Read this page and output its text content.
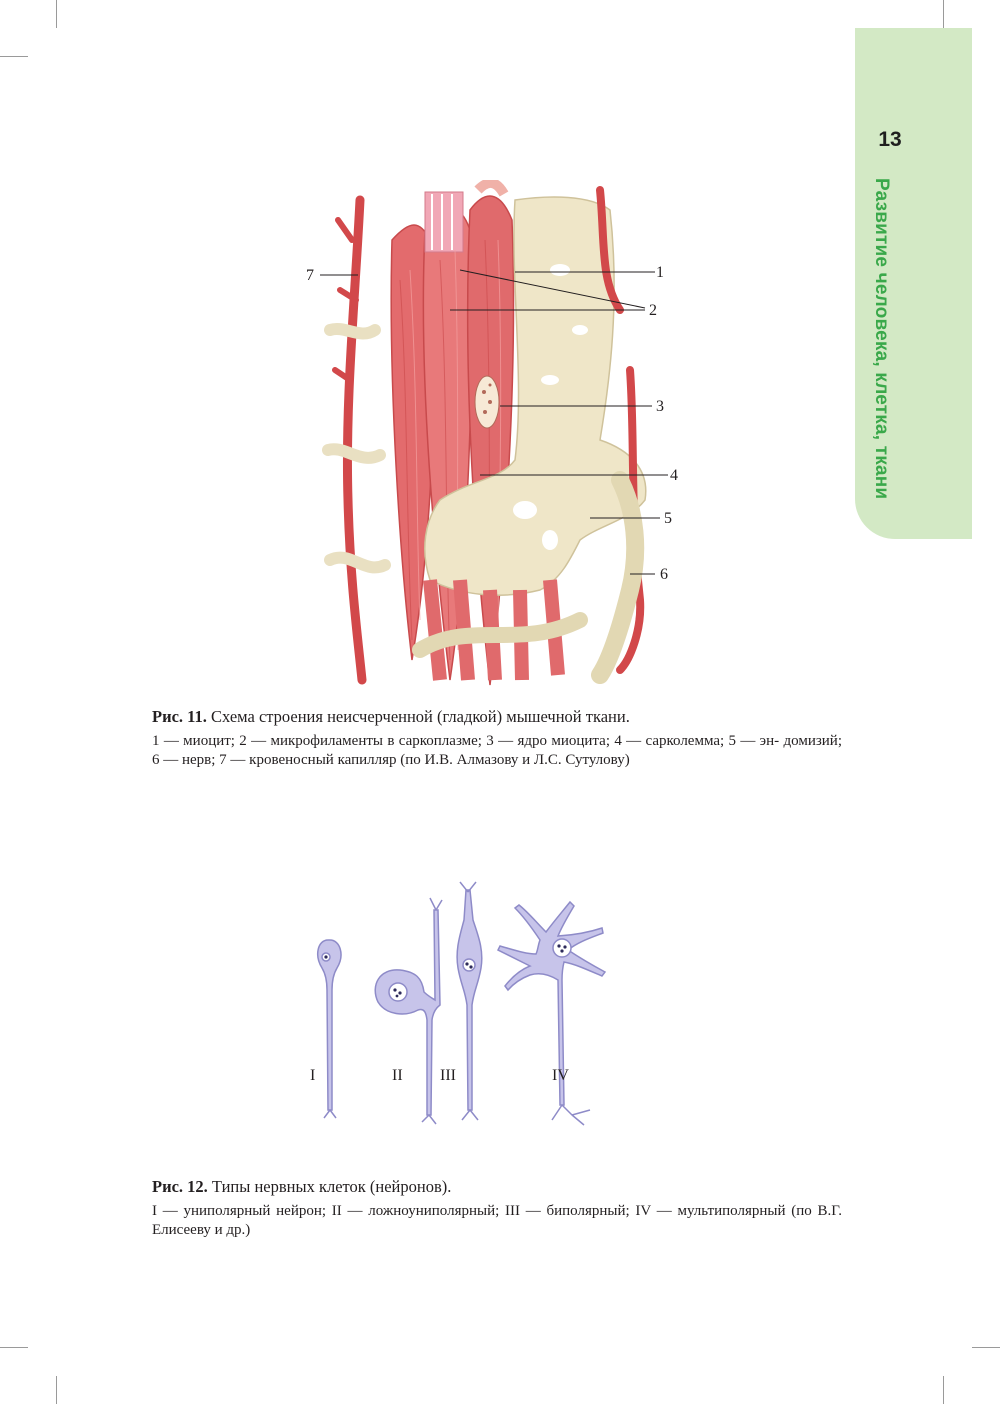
13
Развитие человека, клетка, ткани
1
2
3
4
5
6
7

Рис. 11. Схема строения неисчерченной (гладкой) мышечной ткани.

1 — миоцит; 2 — микрофиламенты в саркоплазме; 3 — ядро миоцита; 4 — сарколемма; 5 — эн- домизий; 6 — нерв; 7 — кровеносный капилляр (по И.В. Алмазову и Л.С. Сутулову)

I	II III	IV

Рис. 12. Типы нервных клеток (нейронов).

I — униполярный нейрон; II — ложноуниполярный; III — биполярный; IV — мультиполярный (по В.Г. Елисееву и др.)
